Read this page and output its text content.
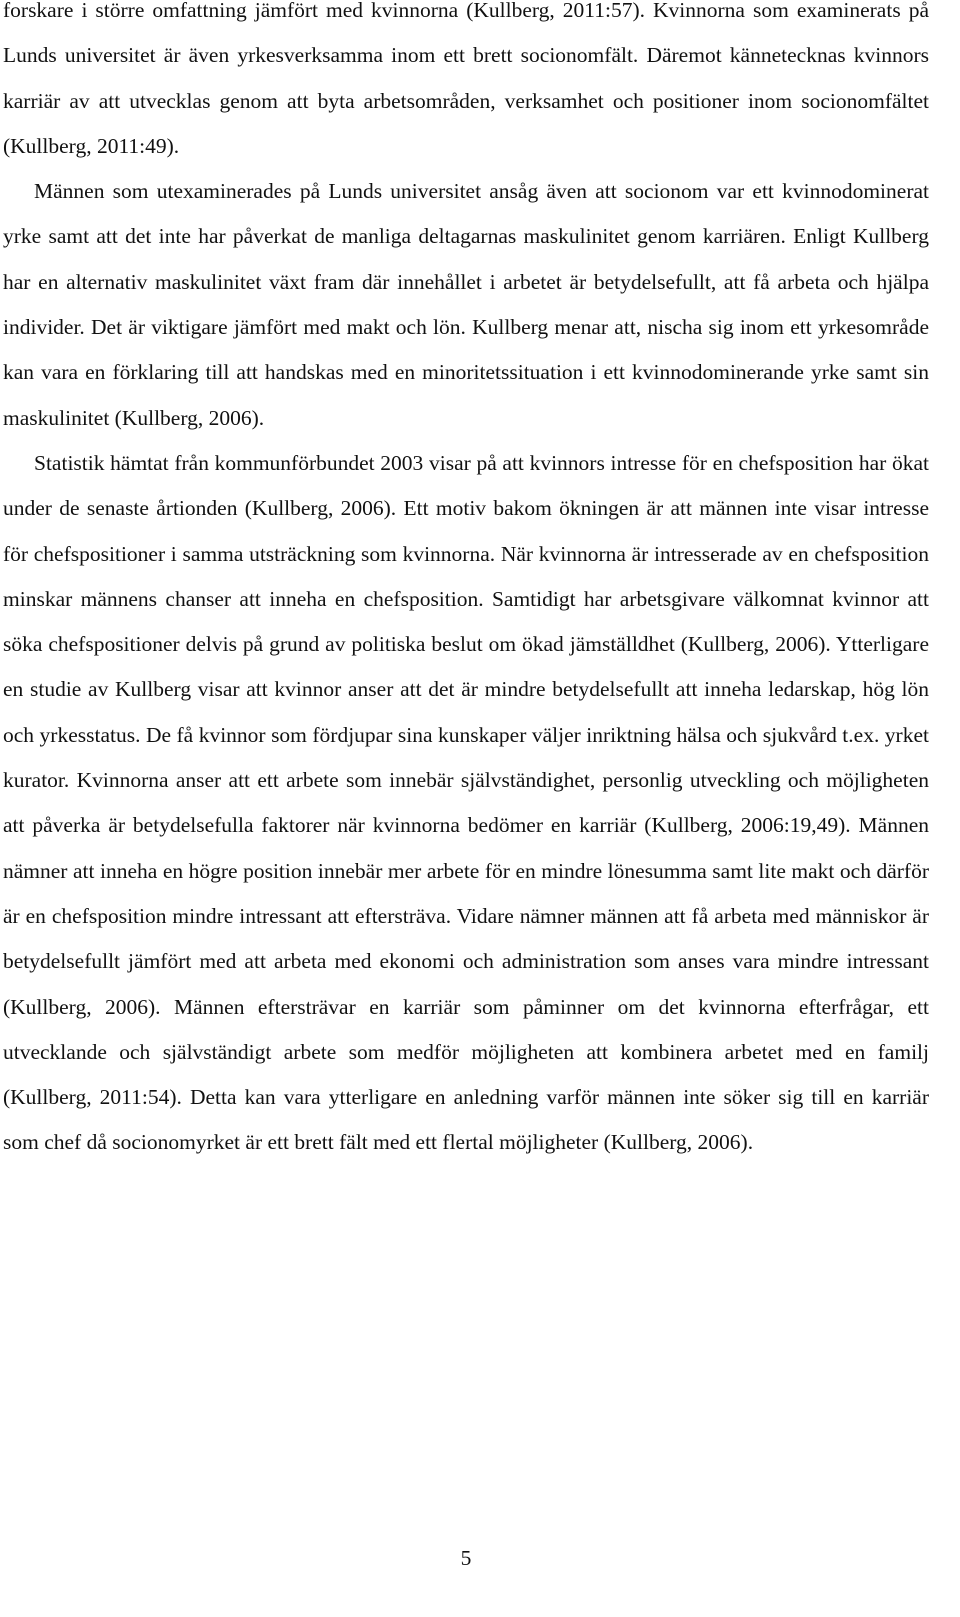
forskare i större omfattning jämfört med kvinnorna (Kullberg, 2011:57). Kvinnorna som examinerats på Lunds universitet är även yrkesverksamma inom ett brett socionomfält. Däremot kännetecknas kvinnors karriär av att utvecklas genom att byta arbetsområden, verksamhet och positioner inom socionomfältet (Kullberg, 2011:49).

Männen som utexaminerades på Lunds universitet ansåg även att socionom var ett kvinnodominerat yrke samt att det inte har påverkat de manliga deltagarnas maskulinitet genom karriären. Enligt Kullberg har en alternativ maskulinitet växt fram där innehållet i arbetet är betydelsefullt, att få arbeta och hjälpa individer. Det är viktigare jämfört med makt och lön. Kullberg menar att, nischa sig inom ett yrkesområde kan vara en förklaring till att handskas med en minoritetssituation i ett kvinnodominerande yrke samt sin maskulinitet (Kullberg, 2006).

Statistik hämtat från kommunförbundet 2003 visar på att kvinnors intresse för en chefsposition har ökat under de senaste årtionden (Kullberg, 2006). Ett motiv bakom ökningen är att männen inte visar intresse för chefspositioner i samma utsträckning som kvinnorna. När kvinnorna är intresserade av en chefsposition minskar männens chanser att inneha en chefsposition. Samtidigt har arbetsgivare välkomnat kvinnor att söka chefspositioner delvis på grund av politiska beslut om ökad jämställdhet (Kullberg, 2006). Ytterligare en studie av Kullberg visar att kvinnor anser att det är mindre betydelsefullt att inneha ledarskap, hög lön och yrkesstatus. De få kvinnor som fördjupar sina kunskaper väljer inriktning hälsa och sjukvård t.ex. yrket kurator. Kvinnorna anser att ett arbete som innebär självständighet, personlig utveckling och möjligheten att påverka är betydelsefulla faktorer när kvinnorna bedömer en karriär (Kullberg, 2006:19,49). Männen nämner att inneha en högre position innebär mer arbete för en mindre lönesumma samt lite makt och därför är en chefsposition mindre intressant att eftersträva. Vidare nämner männen att få arbeta med människor är betydelsefullt jämfört med att arbeta med ekonomi och administration som anses vara mindre intressant (Kullberg, 2006). Männen eftersträvar en karriär som påminner om det kvinnorna efterfrågar, ett utvecklande och självständigt arbete som medför möjligheten att kombinera arbetet med en familj (Kullberg, 2011:54). Detta kan vara ytterligare en anledning varför männen inte söker sig till en karriär som chef då socionomyrket är ett brett fält med ett flertal möjligheter (Kullberg, 2006).

5
